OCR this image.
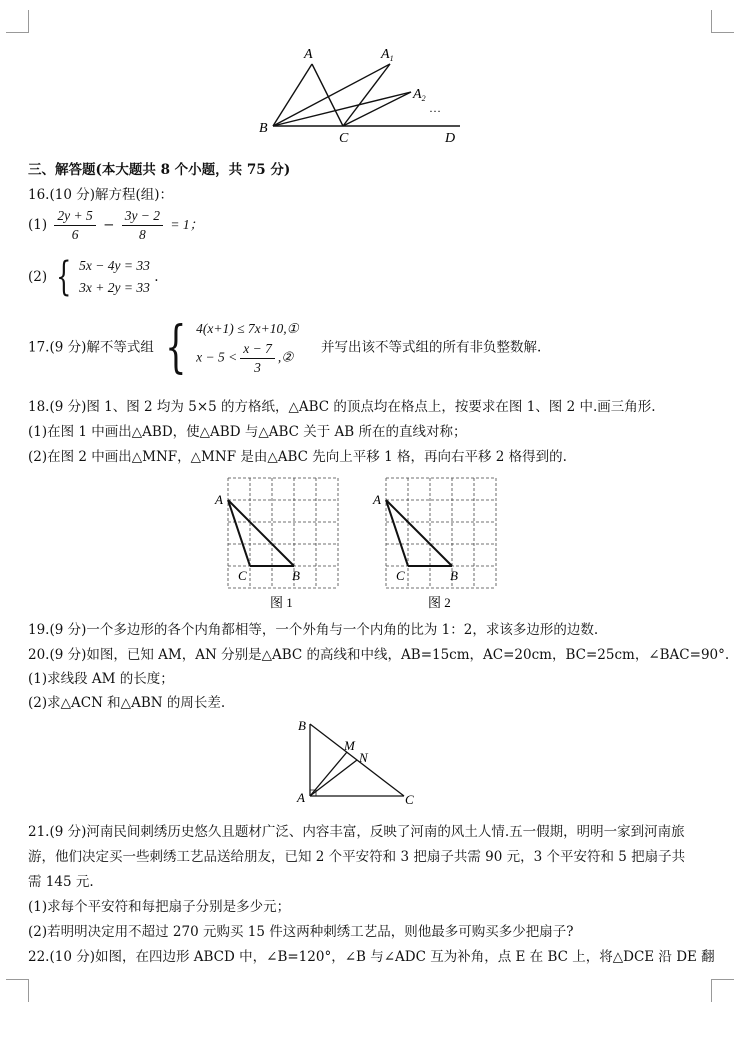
A	$A_1$
$A_2$
…
B
C	D
三、解答题(本大题共 8 个小题，共 75 分)
16.(10 分)解方程(组)：
$(1) \frac{2y + 5}{6} - \frac{3y - 2}{8} = 1$；
(2) { 5x − 4y = 33
3x + 2y = 33
.
17.(9 分)解不等式组 { 4(x+1) ≤ 7x+10,①
$x - 5 < \frac{x - 7}{3}$ ,②
并写出该不等式组的所有非负整数解.
18.(9 分)图 1、图 2 均为 5×5 的方格纸，△ABC 的顶点均在格点上，按要求在图 1、图 2 中.画三角形.
(1)在图 1 中画出△ABD，使△ABD 与△ABC 关于 AB 所在的直线对称；
(2)在图 2 中画出△MNF，△MNF 是由△ABC 先向上平移 1 格，再向右平移 2 格得到的.
A
C	B
图 1
A
C	B
图 2
19.(9 分)一个多边形的各个内角都相等，一个外角与一个内角的比为 1：2，求该多边形的边数.
20.(9 分)如图，已知 AM，AN 分别是△ABC 的高线和中线，AB=15cm，AC=20cm，BC=25cm，∠BAC=90°.
(1)求线段 AM 的长度；
(2)求△ACN 和△ABN 的周长差.
B
M
N
A	C
21.(9 分)河南民间刺绣历史悠久且题材广泛、内容丰富，反映了河南的风土人情.五一假期，明明一家到河南旅
游，他们决定买一些刺绣工艺品送给朋友，已知 2 个平安符和 3 把扇子共需 90 元，3 个平安符和 5 把扇子共
需 145 元.
(1)求每个平安符和每把扇子分别是多少元；
(2)若明明决定用不超过 270 元购买 15 件这两种刺绣工艺品，则他最多可购买多少把扇子?
22.(10 分)如图，在四边形 ABCD 中，∠B=120°，∠B 与∠ADC 互为补角，点 E 在 BC 上，将△DCE 沿 DE 翻
